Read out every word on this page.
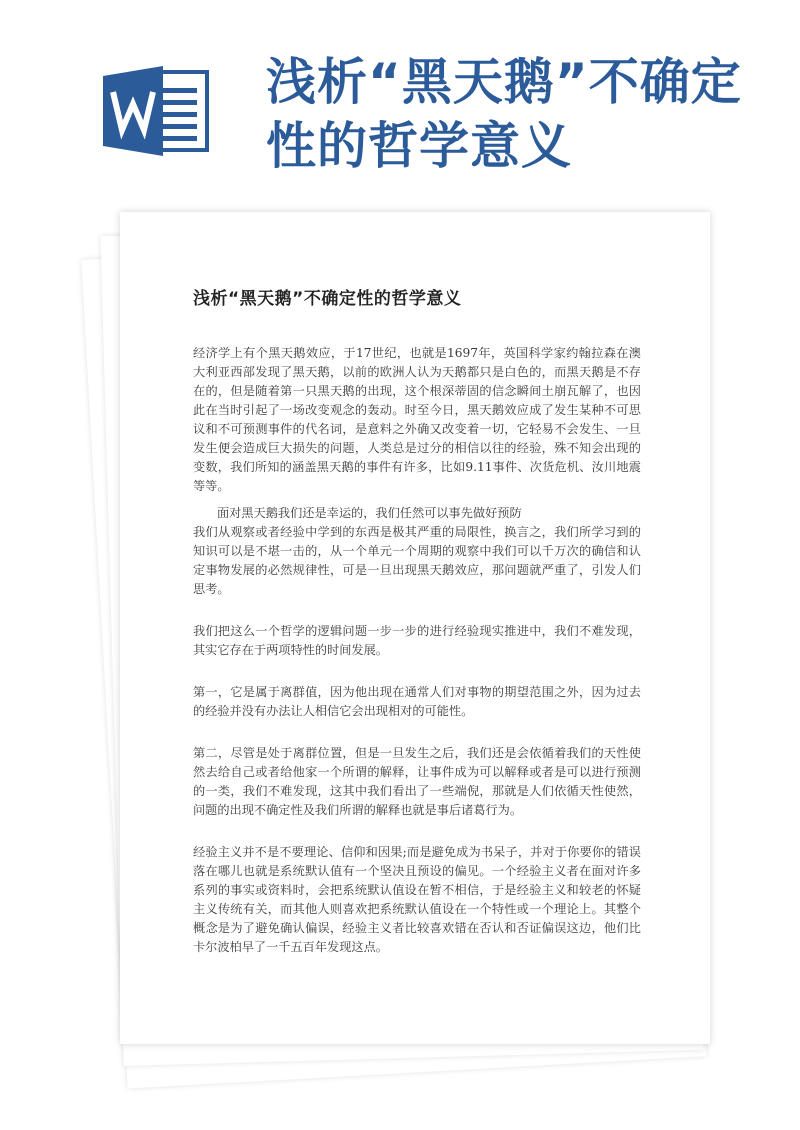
浅析“黑天鹅”不确定性的哲学意义
浅析“黑天鹅”不确定性的哲学意义

经济学上有个黑天鹅效应，于17世纪，也就是1697年，英国科学家约翰拉森在澳大利亚西部发现了黑天鹅，以前的欧洲人认为天鹅都只是白色的，而黑天鹅是不存在的，但是随着第一只黑天鹅的出现，这个根深蒂固的信念瞬间土崩瓦解了，也因此在当时引起了一场改变观念的轰动。时至今日，黑天鹅效应成了发生某种不可思议和不可预测事件的代名词，是意料之外确又改变着一切，它轻易不会发生、一旦发生便会造成巨大损失的问题，人类总是过分的相信以往的经验，殊不知会出现的变数，我们所知的涵盖黑天鹅的事件有许多，比如9.11事件、次货危机、汝川地震等等。

面对黑天鹅我们还是幸运的，我们任然可以事先做好预防

我们从观察或者经验中学到的东西是极其严重的局限性，换言之，我们所学习到的知识可以是不堪一击的，从一个单元一个周期的观察中我们可以千万次的确信和认定事物发展的必然规律性，可是一旦出现黑天鹅效应，那问题就严重了，引发人们思考。

我们把这么一个哲学的逻辑问题一步一步的进行经验现实推进中，我们不难发现，其实它存在于两项特性的时间发展。

第一，它是属于离群值，因为他出现在通常人们对事物的期望范围之外，因为过去的经验并没有办法让人相信它会出现相对的可能性。

第二，尽管是处于离群位置，但是一旦发生之后，我们还是会依循着我们的天性使然去给自己或者给他家一个所谓的解释，让事件成为可以解释或者是可以进行预测的一类，我们不难发现，这其中我们看出了一些端倪，那就是人们依循天性使然，问题的出现不确定性及我们所谓的解释也就是事后诸葛行为。

经验主义并不是不要理论、信仰和因果;而是避免成为书呆子，并对于你要你的错误落在哪儿也就是系统默认值有一个坚决且预设的偏见。一个经验主义者在面对许多系列的事实或资料时，会把系统默认值设在暂不相信，于是经验主义和较老的怀疑主义传统有关，而其他人则喜欢把系统默认值设在一个特性或一个理论上。其整个概念是为了避免确认偏误，经验主义者比较喜欢错在否认和否证偏误这边，他们比卡尔波柏早了一千五百年发现这点。
